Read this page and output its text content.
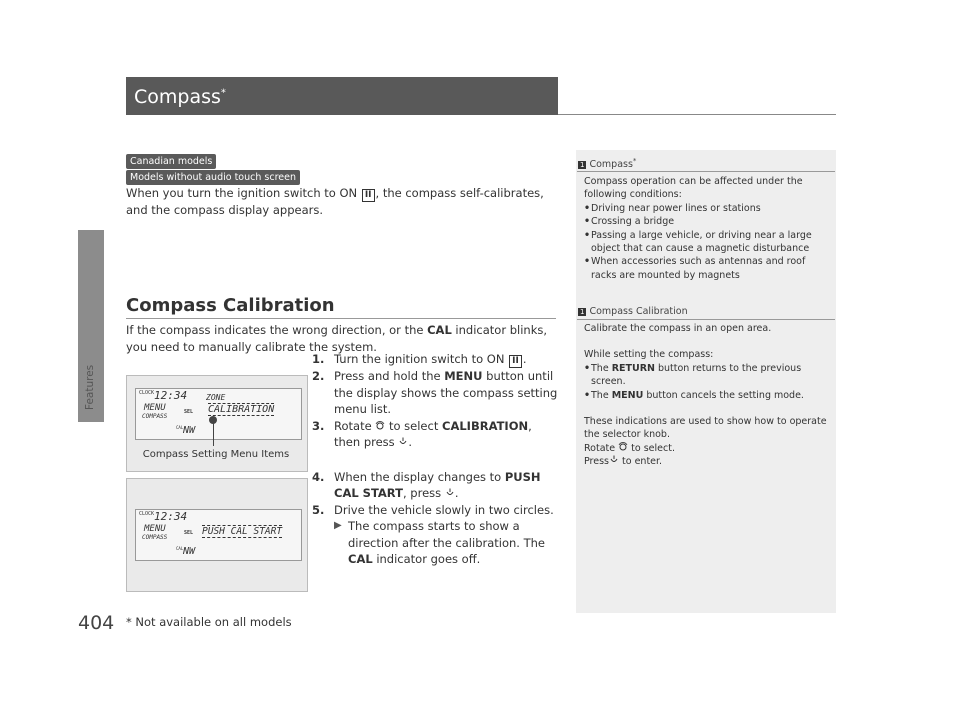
Features
404 * Not available on all models
Compass*
Canadian models
Models without audio touch screen
When you turn the ignition switch to ON II , the compass self-calibrates, and the compass display appears.
Compass Calibration
If the compass indicates the wrong direction, or the CAL indicator blinks, you need to manually calibrate the system.
1. Turn the ignition switch to ON II .
2. Press and hold the MENU button until the display shows the compass setting menu list.
3. Rotate  to select CALIBRATION, then press .
4. When the display changes to PUSH CAL START, press .
5. Drive the vehicle slowly in two circles.
▶ The compass starts to show a direction after the calibration. The CAL indicator goes off.
CLOCK 12:34
MENU
COMPASS
SEL
ZONE
CALIBRATION
CAL NW
Compass Setting Menu Items
CLOCK 12:34
MENU
COMPASS
SEL PUSH CAL START
CAL NW
1 Compass*
Compass operation can be affected under the following conditions:
• Driving near power lines or stations
• Crossing a bridge
• Passing a large vehicle, or driving near a large object that can cause a magnetic disturbance
• When accessories such as antennas and roof racks are mounted by magnets
1 Compass Calibration
Calibrate the compass in an open area.
While setting the compass:
• The RETURN button returns to the previous screen.
• The MENU button cancels the setting mode.
These indications are used to show how to operate the selector knob.
Rotate  to select.
Press to enter.
